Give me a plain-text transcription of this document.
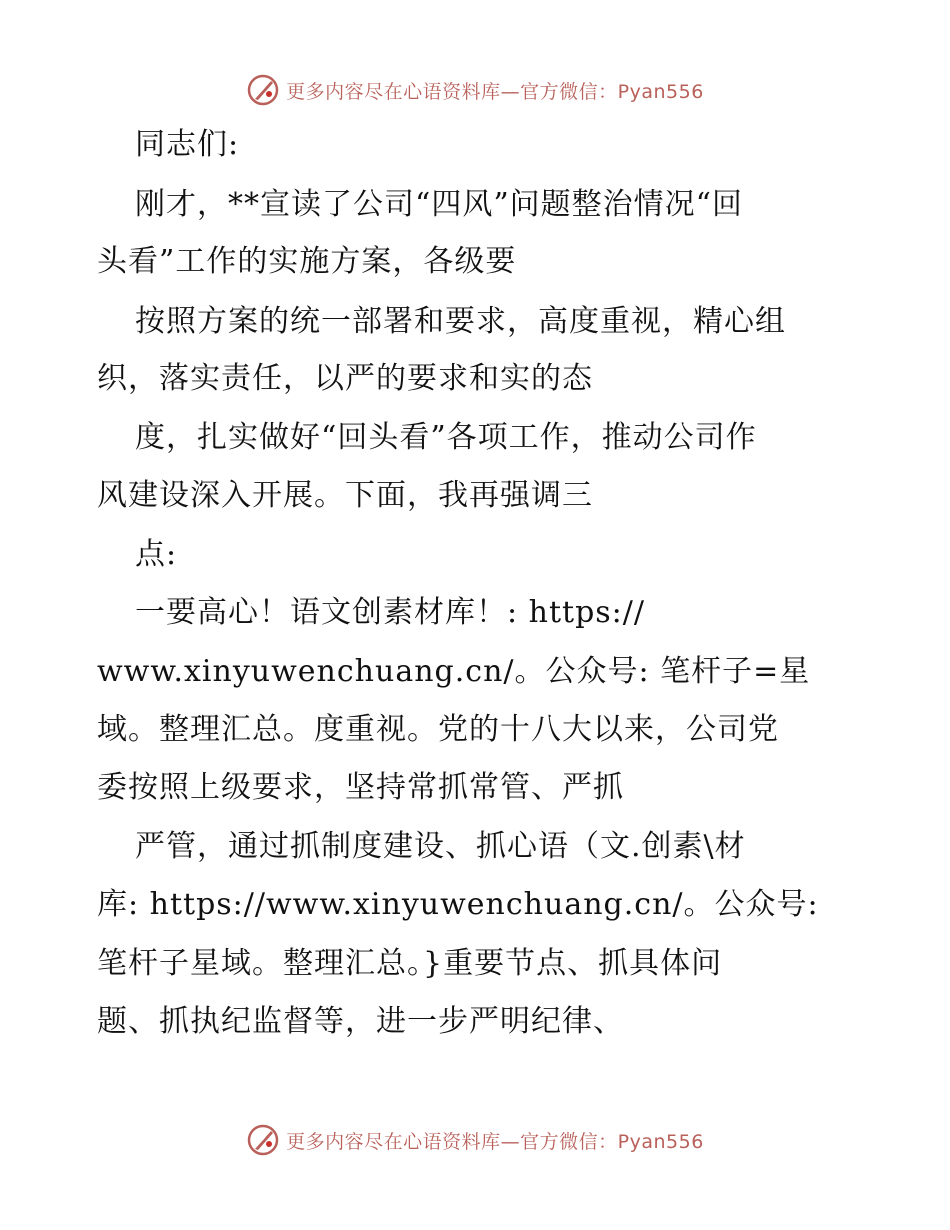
更多内容尽在心语资料库—官方微信：Pyan556
同志们:
刚才，**宣读了公司“四风”问题整治情况“回
头看”工作的实施方案，各级要
按照方案的统一部署和要求，高度重视，精心组
织，落实责任，以严的要求和实的态
度，扎实做好“回头看”各项工作，推动公司作
风建设深入开展。下面，我再强调三
点:
一要高心！语文创素材库！: https://
www.xinyuwenchuang.cn/。公众号: 笔杆子=星
域。整理汇总。度重视。党的十八大以来，公司党
委按照上级要求，坚持常抓常管、严抓
严管，通过抓制度建设、抓心语（文.创素\材
库: https://www.xinyuwenchuang.cn/。公众号:
笔杆子星域。整理汇总。}重要节点、抓具体问
题、抓执纪监督等，进一步严明纪律、
更多内容尽在心语资料库—官方微信：Pyan556
